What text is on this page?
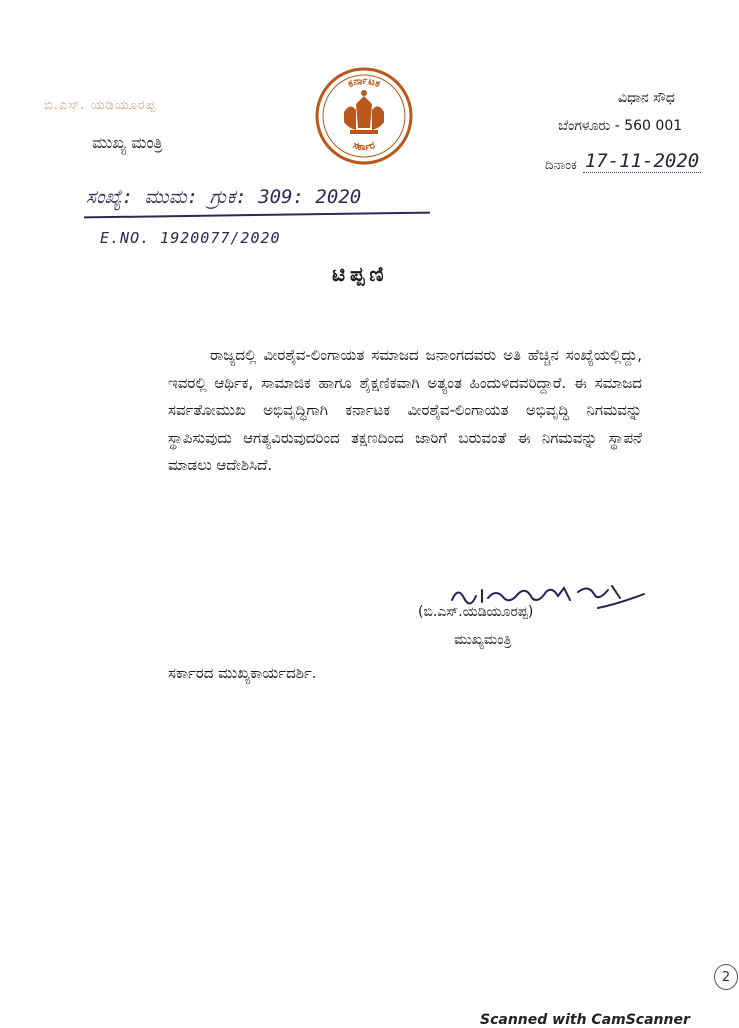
ಬಿ.ಎಸ್. ಯಡಿಯೂರಪ್ಪ
ಮುಖ್ಯ ಮಂತ್ರಿ
ಕರ್ನಾಟಕ
ಸರ್ಕಾರ
ವಿಧಾನ ಸೌಧ
ಬೆಂಗಳೂರು - 560 001
ದಿನಾಂಕ 17-11-2020
ಸಂಖ್ಯೆ: ಮುಮ: ಗ್ರುಕ: 309: 2020
E.NO. 1920077/2020
ಟಿಪ್ಪಣಿ
ರಾಜ್ಯದಲ್ಲಿ ವೀರಶೈವ-ಲಿಂಗಾಯತ ಸಮಾಜದ ಜನಾಂಗದವರು ಅತಿ ಹೆಚ್ಚಿನ ಸಂಖ್ಯೆಯಲ್ಲಿದ್ದು, ಇವರಲ್ಲಿ ಆರ್ಥಿಕ, ಸಾಮಾಜಿಕ ಹಾಗೂ ಶೈಕ್ಷಣಿಕವಾಗಿ ಅತ್ಯಂತ ಹಿಂದುಳಿದವರಿದ್ದಾರೆ. ಈ ಸಮಾಜದ ಸರ್ವತೋಮುಖ ಅಭಿವೃದ್ಧಿಗಾಗಿ ಕರ್ನಾಟಕ ವೀರಶೈವ-ಲಿಂಗಾಯತ ಅಭಿವೃದ್ಧಿ ನಿಗಮವನ್ನು ಸ್ಥಾಪಿಸುವುದು ಆಗತ್ಯವಿರುವುದರಿಂದ ತಕ್ಷಣದಿಂದ ಜಾರಿಗೆ ಬರುವಂತೆ ಈ ನಿಗಮವನ್ನು ಸ್ಥಾಪನೆ ಮಾಡಲು ಆದೇಶಿಸಿದೆ.
(ಬಿ.ಎಸ್.ಯಡಿಯೂರಪ್ಪ)
ಮುಖ್ಯಮಂತ್ರಿ
ಸರ್ಕಾರದ ಮುಖ್ಯಕಾರ್ಯದರ್ಶಿ.
2
Scanned with CamScanner
